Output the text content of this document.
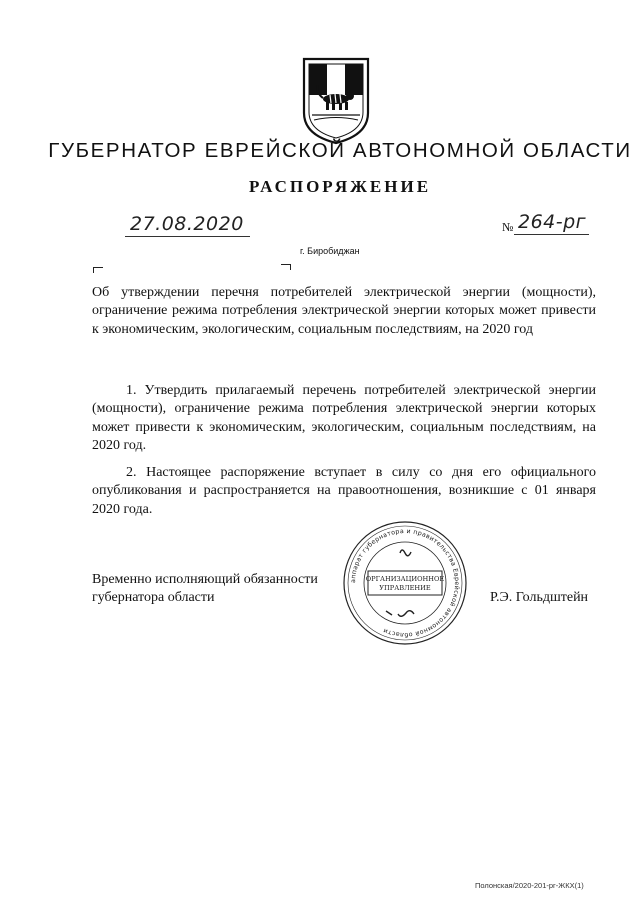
ГУБЕРНАТОР ЕВРЕЙСКОЙ АВТОНОМНОЙ ОБЛАСТИ
РАСПОРЯЖЕНИЕ
27.08.2020	№ 264-рг
г. Биробиджан
Об утверждении перечня потребителей электрической энергии (мощности), ограничение режима потребления электрической энергии которых может привести к экономическим, экологическим, социальным последствиям, на 2020 год
1. Утвердить прилагаемый перечень потребителей электрической энергии (мощности), ограничение режима потребления электрической энергии которых может привести к экономическим, экологическим, социальным последствиям, на 2020 год.
2. Настоящее распоряжение вступает в силу со дня его официального опубликования и распространяется на правоотношения, возникшие с 01 января 2020 года.
Временно исполняющий обязанности губернатора области	Р.Э. Гольдштейн
аппарат губернатора и правительства Еврейской автономной области
ОРГАНИЗАЦИОННОЕ
УПРАВЛЕНИЕ
Полонская/2020-201-рг-ЖКХ(1)
